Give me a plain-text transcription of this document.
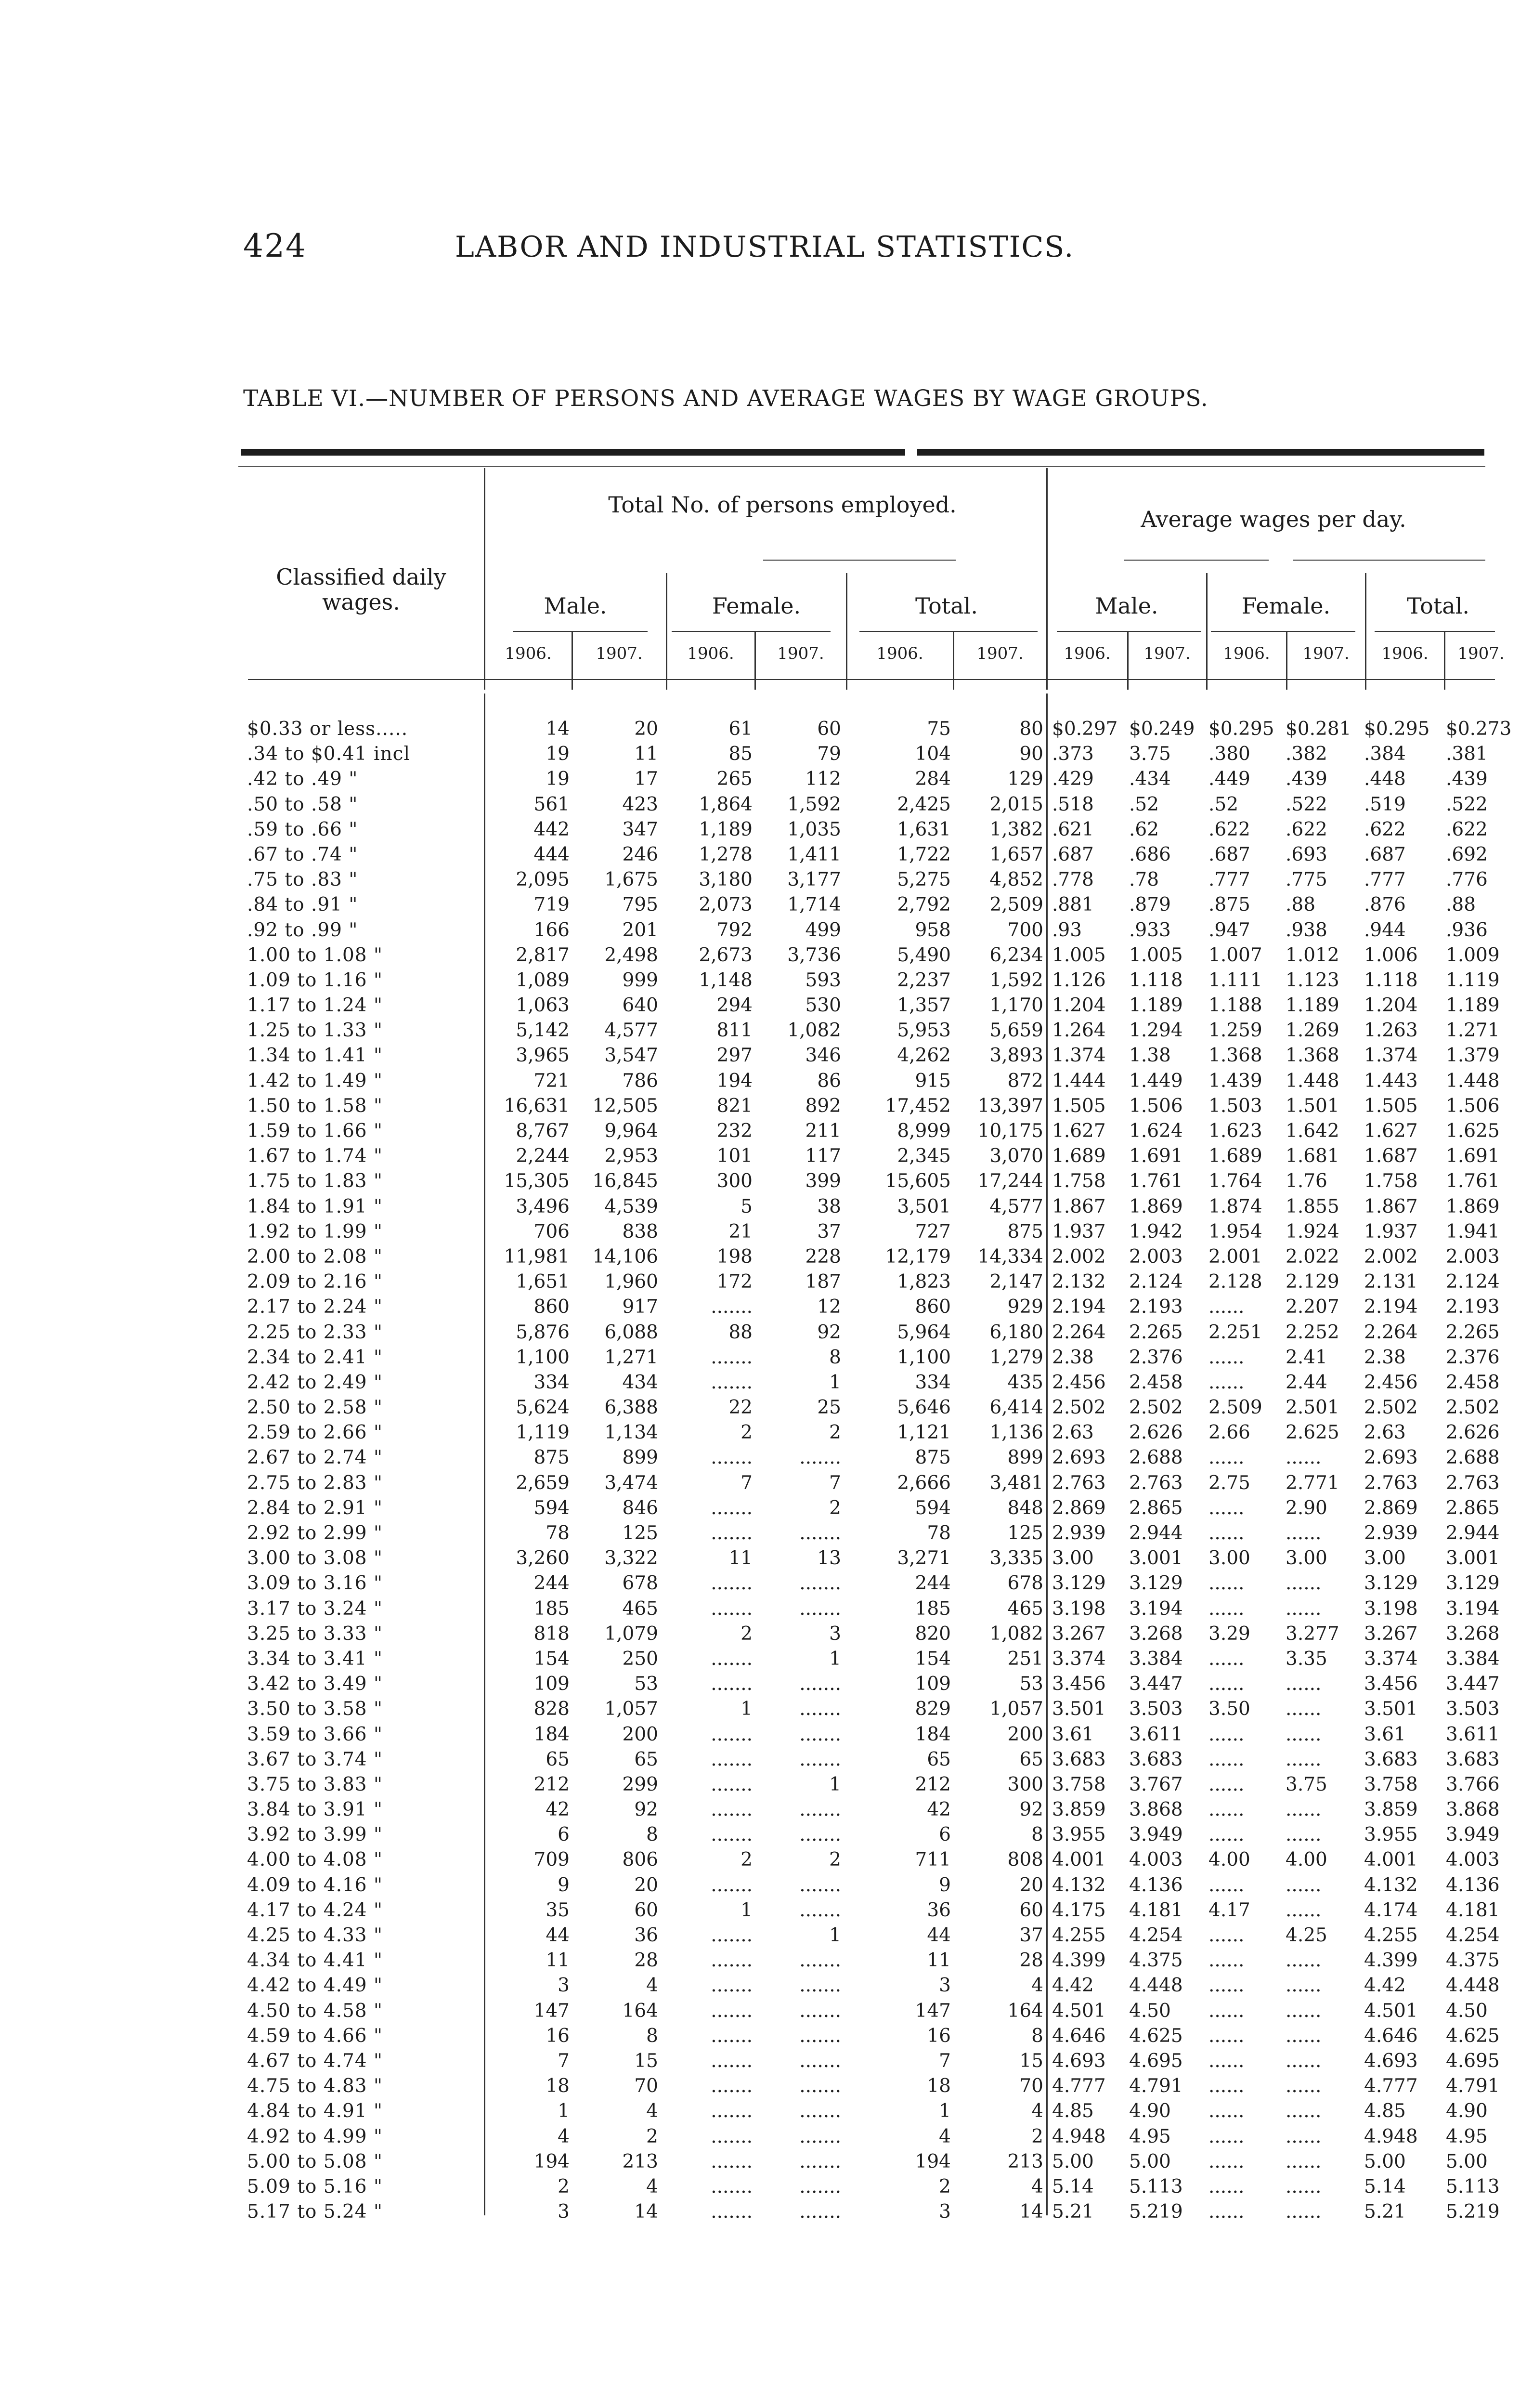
424	LABOR AND INDUSTRIAL STATISTICS.
TABLE VI.—NUMBER OF PERSONS AND AVERAGE WAGES BY WAGE GROUPS.
Classified daily wages.
Total No. of persons employed.
Average wages per day.
Male.	Female.	Total.	Male.	Female.	Total.
1906.	1907.	1906.	1907.	1906.	1907.	1906.	1907.	1906.	1907.	1906.	1907.
$0.33 or less.....	14	20	61	60	75	80 $0.297 $0.249 $0.295 $0.281 $0.295 $0.273
.34 to $0.41 incl	19	11	85	79	104	90 .373	3.75	.380	.382	.384	.381
.42 to .49 "	19	17	265	112	284	129 .429	.434	.449	.439	.448	.439
.50 to .58 "	561	423	1,864	1,592	2,425	2,015 .518	.52	.52	.522	.519	.522
.59 to .66 "	442	347	1,189	1,035	1,631	1,382 .621	.62	.622	.622	.622	.622
.67 to .74 "	444	246	1,278	1,411	1,722	1,657 .687	.686	.687	.693	.687	.692
.75 to .83 "	2,095	1,675	3,180	3,177	5,275	4,852 .778	.78	.777	.775	.777	.776
.84 to .91 "	719	795	2,073	1,714	2,792	2,509 .881	.879	.875	.88	.876	.88
.92 to .99 "	166	201	792	499	958	700 .93	.933	.947	.938	.944	.936
1.00 to 1.08 "	2,817	2,498	2,673	3,736	5,490	6,234 1.005	1.005	1.007	1.012	1.006	1.009
1.09 to 1.16 "	1,089	999	1,148	593	2,237	1,592 1.126	1.118	1.111	1.123	1.118	1.119
1.17 to 1.24 "	1,063	640	294	530	1,357	1,170 1.204	1.189	1.188	1.189	1.204	1.189
1.25 to 1.33 "	5,142	4,577	811	1,082	5,953	5,659 1.264	1.294	1.259	1.269	1.263	1.271
1.34 to 1.41 "	3,965	3,547	297	346	4,262	3,893 1.374	1.38	1.368	1.368	1.374	1.379
1.42 to 1.49 "	721	786	194	86	915	872 1.444	1.449	1.439	1.448	1.443	1.448
1.50 to 1.58 "	16,631	12,505	821	892	17,452	13,397 1.505	1.506	1.503	1.501	1.505	1.506
1.59 to 1.66 "	8,767	9,964	232	211	8,999	10,175 1.627	1.624	1.623	1.642	1.627	1.625
1.67 to 1.74 "	2,244	2,953	101	117	2,345	3,070 1.689	1.691	1.689	1.681	1.687	1.691
1.75 to 1.83 "	15,305	16,845	300	399	15,605	17,244 1.758	1.761	1.764	1.76	1.758	1.761
1.84 to 1.91 "	3,496	4,539	5	38	3,501	4,577 1.867	1.869	1.874	1.855	1.867	1.869
1.92 to 1.99 "	706	838	21	37	727	875 1.937	1.942	1.954	1.924	1.937	1.941
2.00 to 2.08 "	11,981	14,106	198	228	12,179	14,334 2.002	2.003	2.001	2.022	2.002	2.003
2.09 to 2.16 "	1,651	1,960	172	187	1,823	2,147 2.132	2.124	2.128	2.129	2.131	2.124
2.17 to 2.24 "	860	917	.......	12	860	929 2.194	2.193	......	2.207	2.194	2.193
2.25 to 2.33 "	5,876	6,088	88	92	5,964	6,180 2.264	2.265	2.251	2.252	2.264	2.265
2.34 to 2.41 "	1,100	1,271	.......	8	1,100	1,279 2.38	2.376	......	2.41	2.38	2.376
2.42 to 2.49 "	334	434	.......	1	334	435 2.456	2.458	......	2.44	2.456	2.458
2.50 to 2.58 "	5,624	6,388	22	25	5,646	6,414 2.502	2.502	2.509	2.501	2.502	2.502
2.59 to 2.66 "	1,119	1,134	2	2	1,121	1,136 2.63	2.626	2.66	2.625	2.63	2.626
2.67 to 2.74 "	875	899	.......	.......	875	899 2.693	2.688	......	......	2.693	2.688
2.75 to 2.83 "	2,659	3,474	7	7	2,666	3,481 2.763	2.763	2.75	2.771	2.763	2.763
2.84 to 2.91 "	594	846	.......	2	594	848 2.869	2.865	......	2.90	2.869	2.865
2.92 to 2.99 "	78	125	.......	.......	78	125 2.939	2.944	......	......	2.939	2.944
3.00 to 3.08 "	3,260	3,322	11	13	3,271	3,335 3.00	3.001	3.00	3.00	3.00	3.001
3.09 to 3.16 "	244	678	.......	.......	244	678 3.129	3.129	......	......	3.129	3.129
3.17 to 3.24 "	185	465	.......	.......	185	465 3.198	3.194	......	......	3.198	3.194
3.25 to 3.33 "	818	1,079	2	3	820	1,082 3.267	3.268	3.29	3.277	3.267	3.268
3.34 to 3.41 "	154	250	.......	1	154	251 3.374	3.384	......	3.35	3.374	3.384
3.42 to 3.49 "	109	53	.......	.......	109	53 3.456	3.447	......	......	3.456	3.447
3.50 to 3.58 "	828	1,057	1	.......	829	1,057 3.501	3.503	3.50	......	3.501	3.503
3.59 to 3.66 "	184	200	.......	.......	184	200 3.61	3.611	......	......	3.61	3.611
3.67 to 3.74 "	65	65	.......	.......	65	65 3.683	3.683	......	......	3.683	3.683
3.75 to 3.83 "	212	299	.......	1	212	300 3.758	3.767	......	3.75	3.758	3.766
3.84 to 3.91 "	42	92	.......	.......	42	92 3.859	3.868	......	......	3.859	3.868
3.92 to 3.99 "	6	8	.......	.......	6	8 3.955	3.949	......	......	3.955	3.949
4.00 to 4.08 "	709	806	2	2	711	808 4.001	4.003	4.00	4.00	4.001	4.003
4.09 to 4.16 "	9	20	.......	.......	9	20 4.132	4.136	......	......	4.132	4.136
4.17 to 4.24 "	35	60	1	.......	36	60 4.175	4.181	4.17	......	4.174	4.181
4.25 to 4.33 "	44	36	.......	1	44	37 4.255	4.254	......	4.25	4.255	4.254
4.34 to 4.41 "	11	28	.......	.......	11	28 4.399	4.375	......	......	4.399	4.375
4.42 to 4.49 "	3	4	.......	.......	3	4 4.42	4.448	......	......	4.42	4.448
4.50 to 4.58 "	147	164	.......	.......	147	164 4.501	4.50	......	......	4.501	4.50
4.59 to 4.66 "	16	8	.......	.......	16	8 4.646	4.625	......	......	4.646	4.625
4.67 to 4.74 "	7	15	.......	.......	7	15 4.693	4.695	......	......	4.693	4.695
4.75 to 4.83 "	18	70	.......	.......	18	70 4.777	4.791	......	......	4.777	4.791
4.84 to 4.91 "	1	4	.......	.......	1	4 4.85	4.90	......	......	4.85	4.90
4.92 to 4.99 "	4	2	.......	.......	4	2 4.948	4.95	......	......	4.948	4.95
5.00 to 5.08 "	194	213	.......	.......	194	213 5.00	5.00	......	......	5.00	5.00
5.09 to 5.16 "	2	4	.......	.......	2	4 5.14	5.113	......	......	5.14	5.113
5.17 to 5.24 "	3	14	.......	.......	3	14 5.21	5.219	......	......	5.21	5.219
